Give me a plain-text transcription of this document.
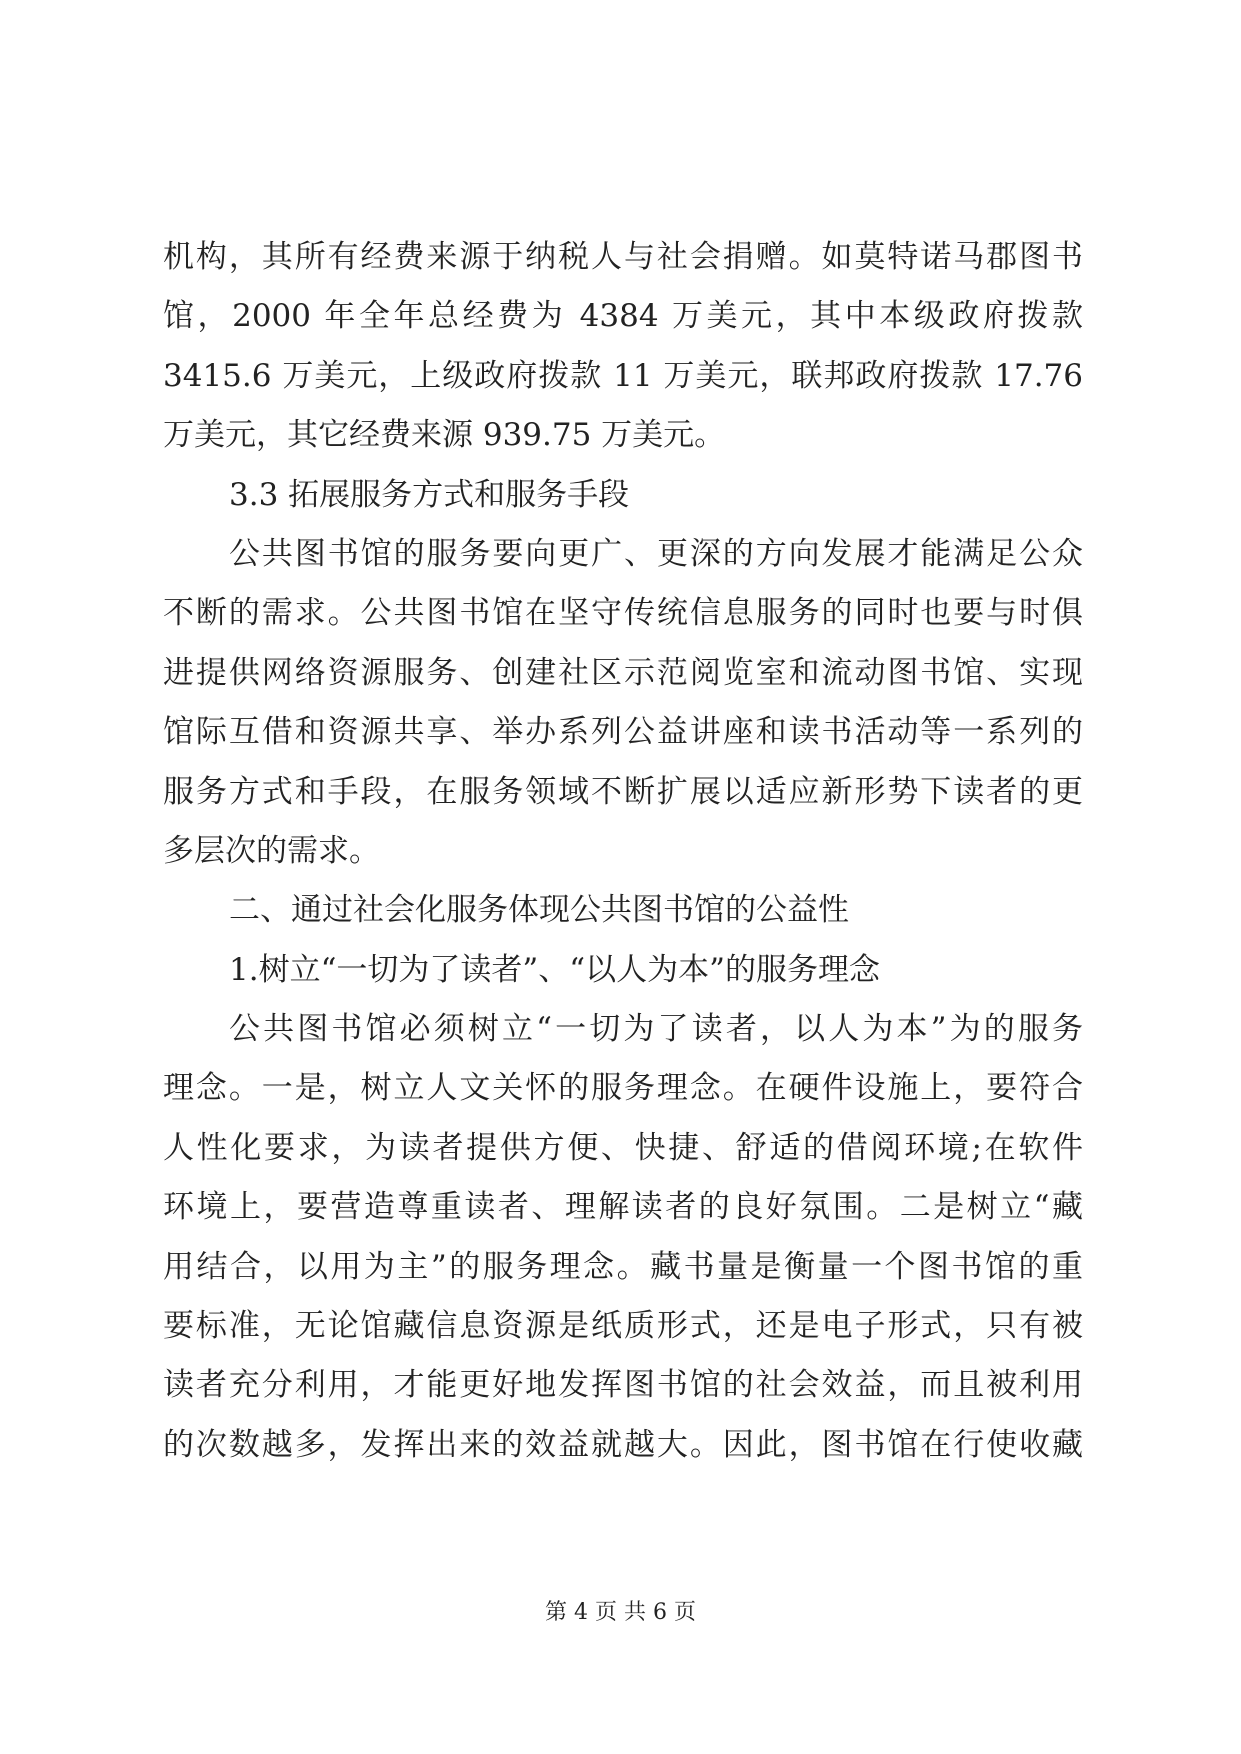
机构，其所有经费来源于纳税人与社会捐赠。如莫特诺马郡图书

馆，2000 年全年总经费为 4384 万美元，其中本级政府拨款

3415.6 万美元，上级政府拨款 11 万美元，联邦政府拨款 17.76

万美元，其它经费来源 939.75 万美元。

3.3 拓展服务方式和服务手段

公共图书馆的服务要向更广、更深的方向发展才能满足公众

不断的需求。公共图书馆在坚守传统信息服务的同时也要与时俱

进提供网络资源服务、创建社区示范阅览室和流动图书馆、实现

馆际互借和资源共享、举办系列公益讲座和读书活动等一系列的

服务方式和手段，在服务领域不断扩展以适应新形势下读者的更

多层次的需求。

二、通过社会化服务体现公共图书馆的公益性

1.树立“一切为了读者”、“以人为本”的服务理念

公共图书馆必须树立“一切为了读者，以人为本”为的服务

理念。一是，树立人文关怀的服务理念。在硬件设施上，要符合

人性化要求，为读者提供方便、快捷、舒适的借阅环境;在软件

环境上，要营造尊重读者、理解读者的良好氛围。二是树立“藏

用结合，以用为主”的服务理念。藏书量是衡量一个图书馆的重

要标准，无论馆藏信息资源是纸质形式，还是电子形式，只有被

读者充分利用，才能更好地发挥图书馆的社会效益，而且被利用

的次数越多，发挥出来的效益就越大。因此，图书馆在行使收藏

第 4 页 共 6 页
